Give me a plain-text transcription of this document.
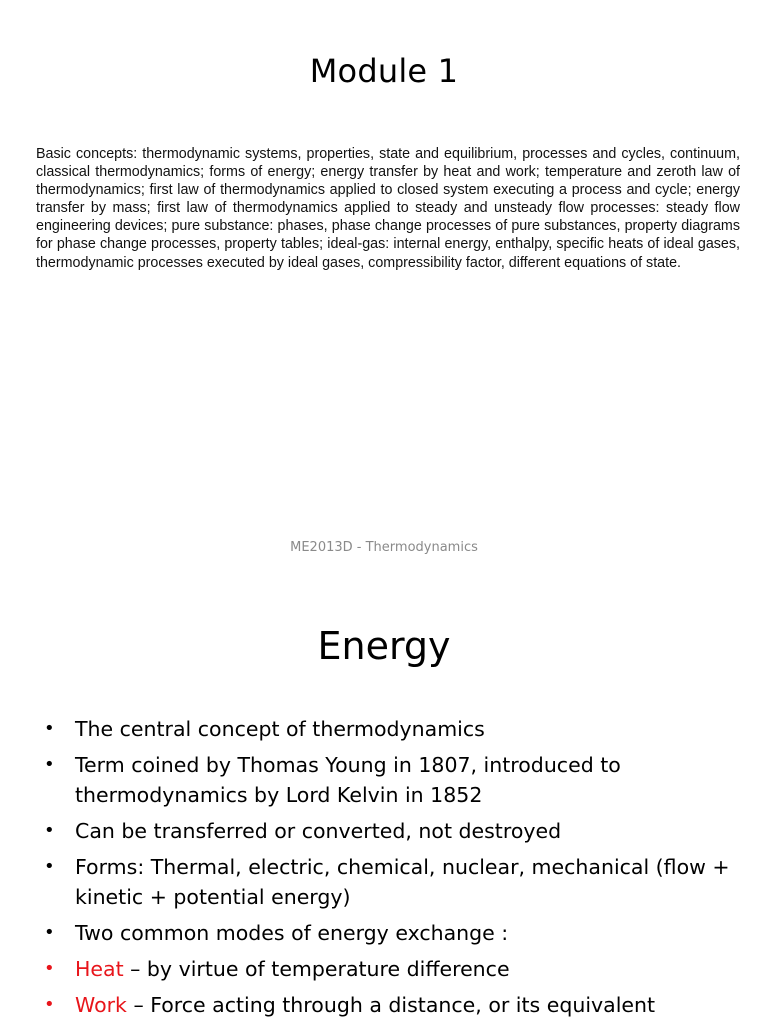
Module 1

Basic concepts: thermodynamic systems, properties, state and equilibrium, processes and cycles, continuum, classical thermodynamics; forms of energy; energy transfer by heat and work; temperature and zeroth law of thermodynamics; first law of thermodynamics applied to closed system executing a process and cycle; energy transfer by mass; first law of thermodynamics applied to steady and unsteady flow processes: steady flow engineering devices; pure substance: phases, phase change processes of pure substances, property diagrams for phase change processes, property tables; ideal-gas: internal energy, enthalpy, specific heats of ideal gases, thermodynamic processes executed by ideal gases, compressibility factor, different equations of state.

ME2013D - Thermodynamics
Energy
• The central concept of thermodynamics
• Term coined by Thomas Young in 1807, introduced to thermodynamics by Lord Kelvin in 1852
• Can be transferred or converted, not destroyed
• Forms: Thermal, electric, chemical, nuclear, mechanical (flow + kinetic + potential energy)
• Two common modes of energy exchange :
• Heat – by virtue of temperature difference
• Work – Force acting through a distance, or its equivalent
